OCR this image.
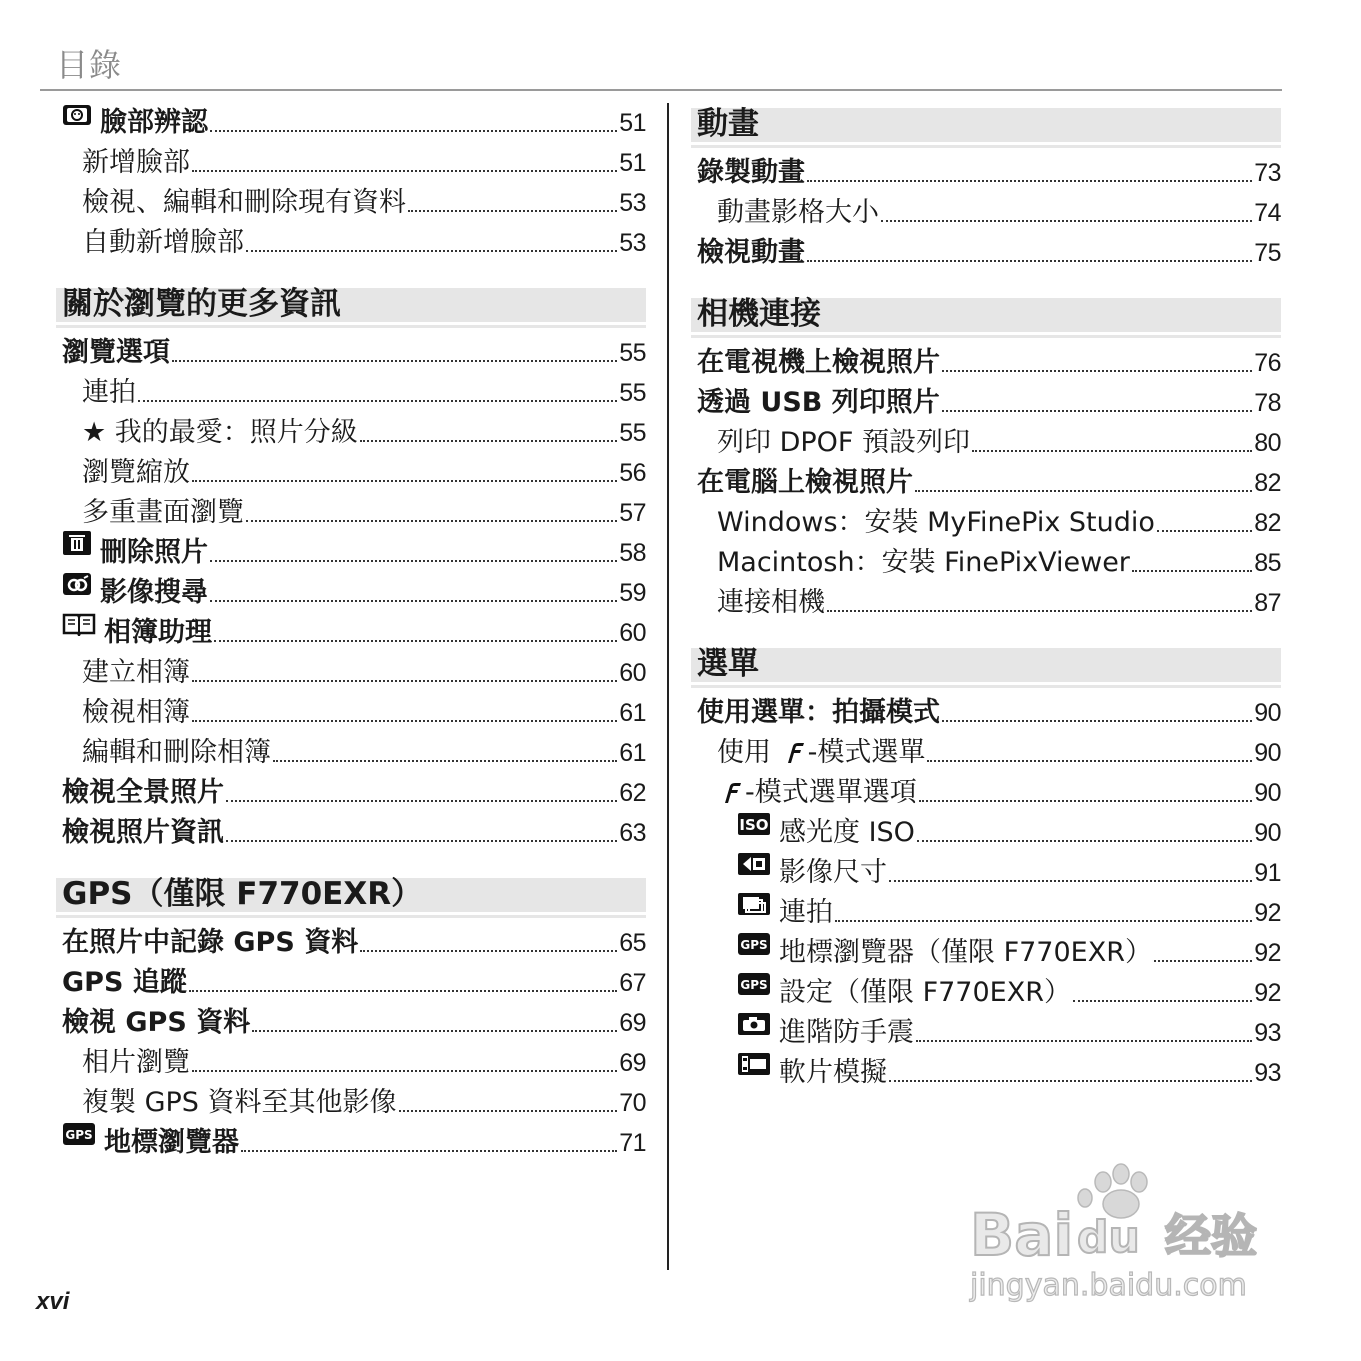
目錄
臉部辨認	51
新增臉部	51
檢視、編輯和刪除現有資料	53
自動新增臉部	53
關於瀏覽的更多資訊
瀏覽選項	55
連拍	55
★ 我的最愛：照片分級	55
瀏覽縮放	56
多重畫面瀏覽	57
刪除照片	58
影像搜尋	59
相簿助理	60
建立相簿	60
檢視相簿	61
編輯和刪除相簿	61
檢視全景照片	62
檢視照片資訊	63
GPS（僅限 F770EXR）
在照片中記錄 GPS 資料	65
GPS 追蹤	67
檢視 GPS 資料	69
相片瀏覽	69
複製 GPS 資料至其他影像	70
GPS 地標瀏覽器	71
動畫
錄製動畫	73
動畫影格大小	74
檢視動畫	75
相機連接
在電視機上檢視照片	76
透過 USB 列印照片	78
列印 DPOF 預設列印	80
在電腦上檢視照片	82
Windows：安裝 MyFinePix Studio	82
Macintosh：安裝 FinePixViewer	85
連接相機	87
選單
使用選單：拍攝模式	90
使用 -模式選單	90
-模式選單選項	90
ISO 感光度 ISO	90
影像尺寸	91
連拍	92
GPS 地標瀏覽器（僅限 F770EXR）	92
GPS 設定（僅限 F770EXR）	92
進階防手震	93
軟片模擬	93
xvi
Bai du 经验
jingyan.baidu.com
